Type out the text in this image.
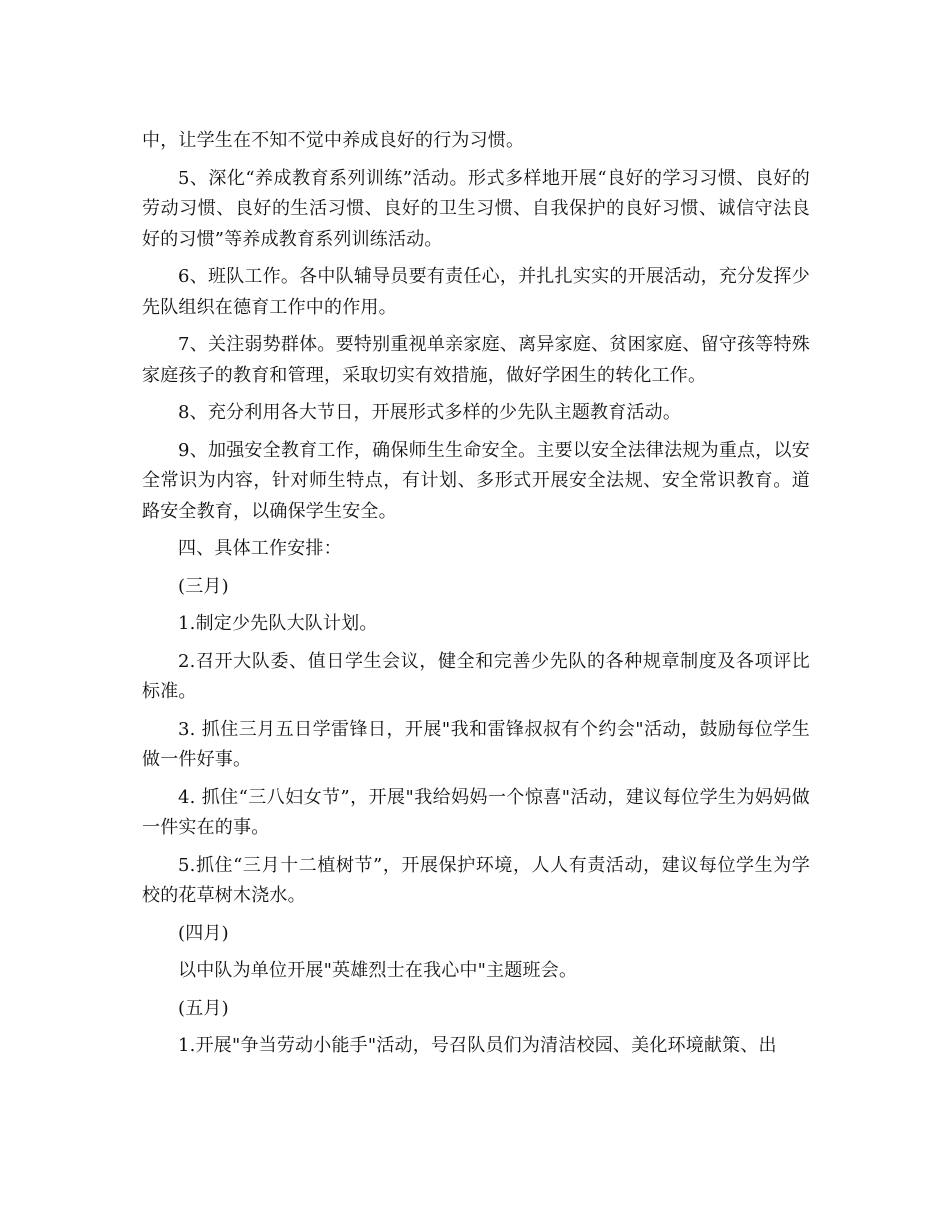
中，让学生在不知不觉中养成良好的行为习惯。

5、深化“养成教育系列训练”活动。形式多样地开展“良好的学习习惯、良好的劳动习惯、良好的生活习惯、良好的卫生习惯、自我保护的良好习惯、诚信守法良好的习惯”等养成教育系列训练活动。

6、班队工作。各中队辅导员要有责任心，并扎扎实实的开展活动，充分发挥少先队组织在德育工作中的作用。

7、关注弱势群体。要特别重视单亲家庭、离异家庭、贫困家庭、留守孩等特殊家庭孩子的教育和管理，采取切实有效措施，做好学困生的转化工作。

8、充分利用各大节日，开展形式多样的少先队主题教育活动。

9、加强安全教育工作，确保师生生命安全。主要以安全法律法规为重点，以安全常识为内容，针对师生特点，有计划、多形式开展安全法规、安全常识教育。道路安全教育，以确保学生安全。

四、具体工作安排：

(三月)

1.制定少先队大队计划。

2.召开大队委、值日学生会议，健全和完善少先队的各种规章制度及各项评比标准。

3. 抓住三月五日学雷锋日，开展"我和雷锋叔叔有个约会"活动，鼓励每位学生做一件好事。

4. 抓住“三八妇女节”，开展"我给妈妈一个惊喜"活动，建议每位学生为妈妈做一件实在的事。

5.抓住“三月十二植树节”，开展保护环境，人人有责活动，建议每位学生为学校的花草树木浇水。

(四月)

以中队为单位开展"英雄烈士在我心中"主题班会。

(五月)

1.开展"争当劳动小能手"活动，号召队员们为清洁校园、美化环境献策、出
